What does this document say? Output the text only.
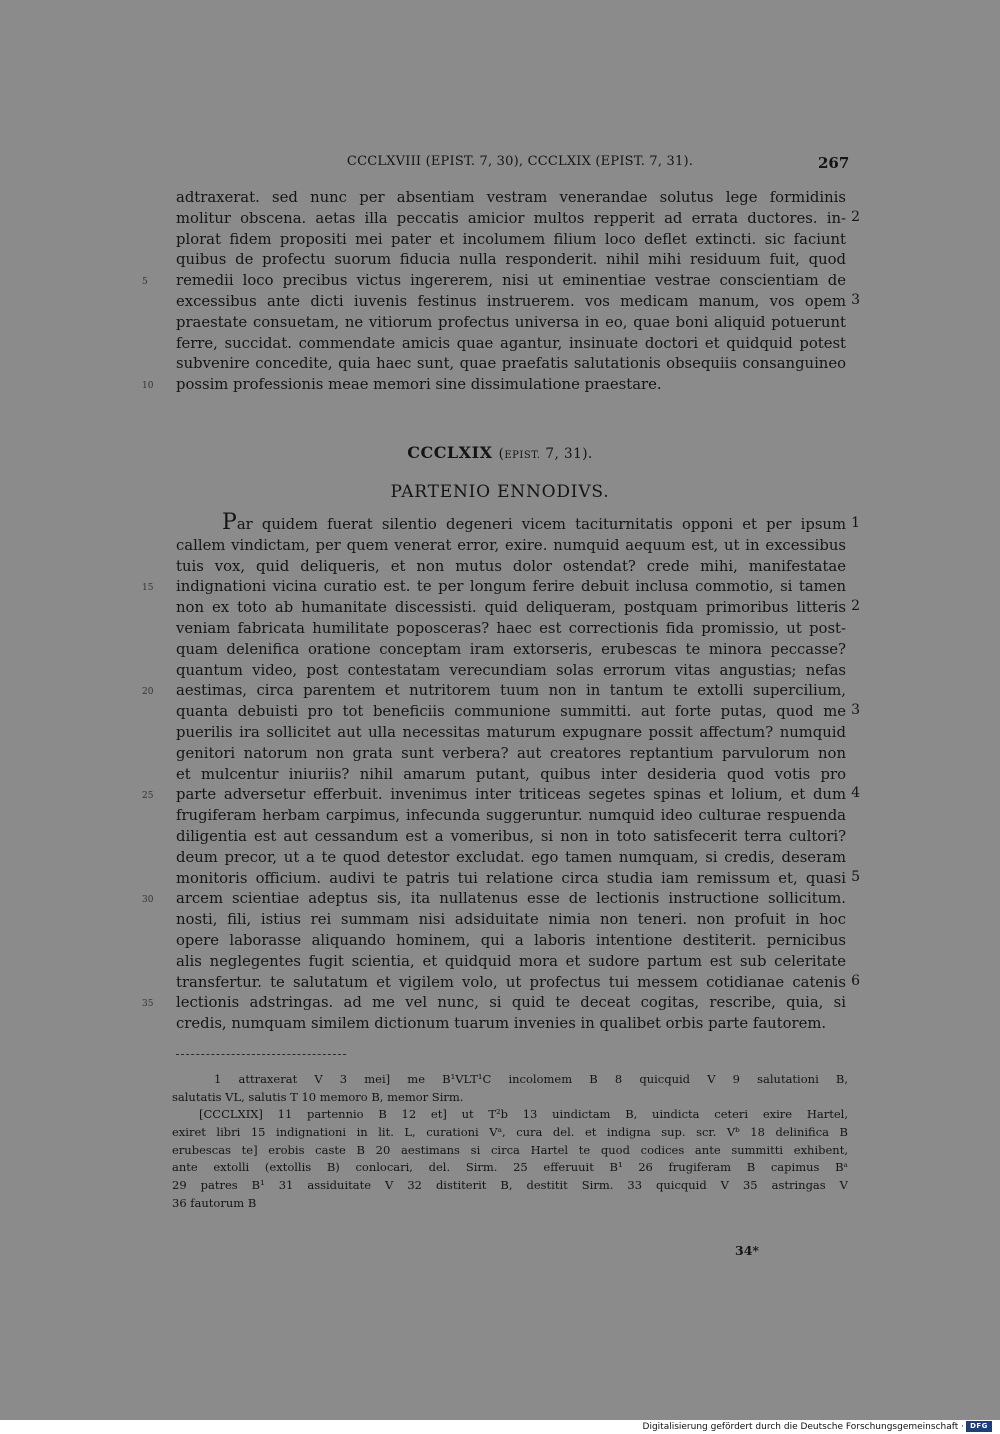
CCCLXVIII (EPIST. 7, 30), CCCLXIX (EPIST. 7, 31).	267
adtraxerat. sed nunc per absentiam vestram venerandae solutus lege formidinis
molitur obscena. aetas illa peccatis amicior multos repperit ad errata ductores. in- 2
plorat fidem propositi mei pater et incolumem filium loco deflet extincti. sic faciunt
quibus de profectu suorum fiducia nulla responderit. nihil mihi residuum fuit, quod
remedii loco precibus victus ingererem, nisi ut eminentiae vestrae conscientiam de
5
excessibus ante dicti iuvenis festinus instruerem. vos medicam manum, vos opem 3
praestate consuetam, ne vitiorum profectus universa in eo, quae boni aliquid potuerunt
ferre, succidat. commendate amicis quae agantur, insinuate doctori et quidquid potest
subvenire concedite, quia haec sunt, quae praefatis salutationis obsequiis consanguineo
possim professionis meae memori sine dissimulatione praestare.
10
CCCLXIX (EPIST. 7, 31).
PARTENIO ENNODIVS.
Par quidem fuerat silentio degeneri vicem taciturnitatis opponi et per ipsum 1
callem vindictam, per quem venerat error, exire. numquid aequum est, ut in excessibus
tuis vox, quid deliqueris, et non mutus dolor ostendat? crede mihi, manifestatae
indignationi vicina curatio est. te per longum ferire debuit inclusa commotio, si tamen
15
non ex toto ab humanitate discessisti. quid deliqueram, postquam primoribus litteris 2
veniam fabricata humilitate poposceras? haec est correctionis fida promissio, ut post-
quam delenifica oratione conceptam iram extorseris, erubescas te minora peccasse?
quantum video, post contestatam verecundiam solas errorum vitas angustias; nefas
aestimas, circa parentem et nutritorem tuum non in tantum te extolli supercilium,
20
quanta debuisti pro tot beneficiis communione summitti. aut forte putas, quod me 3
puerilis ira sollicitet aut ulla necessitas maturum expugnare possit affectum? numquid
genitori natorum non grata sunt verbera? aut creatores reptantium parvulorum non
et mulcentur iniuriis? nihil amarum putant, quibus inter desideria quod votis pro
parte adversetur efferbuit. invenimus inter triticeas segetes spinas et lolium, et dum
25	4
frugiferam herbam carpimus, infecunda suggeruntur. numquid ideo culturae respuenda
diligentia est aut cessandum est a vomeribus, si non in toto satisfecerit terra cultori?
deum precor, ut a te quod detestor excludat. ego tamen numquam, si credis, deseram
monitoris officium. audivi te patris tui relatione circa studia iam remissum et, quasi 5
arcem scientiae adeptus sis, ita nullatenus esse de lectionis instructione sollicitum.
30
nosti, fili, istius rei summam nisi adsiduitate nimia non teneri. non profuit in hoc
opere laborasse aliquando hominem, qui a laboris intentione destiterit. pernicibus
alis neglegentes fugit scientia, et quidquid mora et sudore partum est sub celeritate
transfertur. te salutatum et vigilem volo, ut profectus tui messem cotidianae catenis 6
lectionis adstringas. ad me vel nunc, si quid te deceat cogitas, rescribe, quia, si
35
credis, numquam similem dictionum tuarum invenies in qualibet orbis parte fautorem.
1 attraxerat V 3 mei] me B¹VLT¹C incolomem B 8 quicquid V 9 salutationi B,
salutatis VL, salutis T 10 memoro B, memor Sirm.
[CCCLXIX] 11 partennio B 12 et] ut T²b 13 uindictam B, uindicta ceteri exire Hartel,
exiret libri 15 indignationi in lit. L, curationi Vᵃ, cura del. et indigna sup. scr. Vᵇ 18 delinifica B
erubescas te] erobis caste B 20 aestimans si circa Hartel te quod codices ante summitti exhibent,
ante extolli (extollis B) conlocari, del. Sirm. 25 efferuuit B¹ 26 frugiferam B capimus Bᵃ
29 patres B¹ 31 assiduitate V 32 distiterit B, destitit Sirm. 33 quicquid V 35 astringas V
36 fautorum B
34*
Digitalisierung gefördert durch die Deutsche Forschungsgemeinschaft · DFG
